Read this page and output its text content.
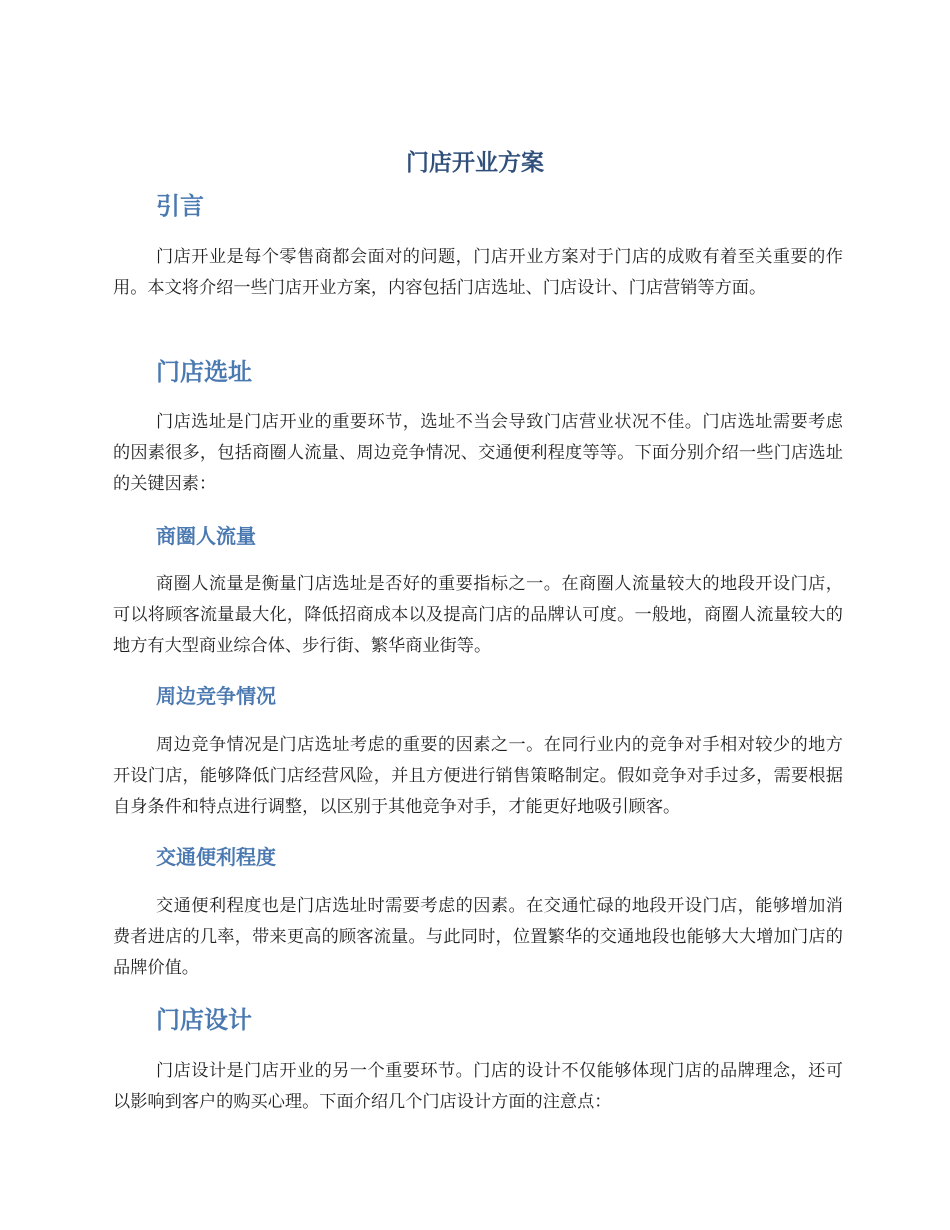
门店开业方案
引言

门店开业是每个零售商都会面对的问题，门店开业方案对于门店的成败有着至关重要的作用。本文将介绍一些门店开业方案，内容包括门店选址、门店设计、门店营销等方面。

门店选址

门店选址是门店开业的重要环节，选址不当会导致门店营业状况不佳。门店选址需要考虑的因素很多，包括商圈人流量、周边竞争情况、交通便利程度等等。下面分别介绍一些门店选址的关键因素：

商圈人流量

商圈人流量是衡量门店选址是否好的重要指标之一。在商圈人流量较大的地段开设门店，可以将顾客流量最大化，降低招商成本以及提高门店的品牌认可度。一般地，商圈人流量较大的地方有大型商业综合体、步行街、繁华商业街等。

周边竞争情况

周边竞争情况是门店选址考虑的重要的因素之一。在同行业内的竞争对手相对较少的地方开设门店，能够降低门店经营风险，并且方便进行销售策略制定。假如竞争对手过多，需要根据自身条件和特点进行调整，以区别于其他竞争对手，才能更好地吸引顾客。

交通便利程度

交通便利程度也是门店选址时需要考虑的因素。在交通忙碌的地段开设门店，能够增加消费者进店的几率，带来更高的顾客流量。与此同时，位置繁华的交通地段也能够大大增加门店的品牌价值。

门店设计

门店设计是门店开业的另一个重要环节。门店的设计不仅能够体现门店的品牌理念，还可以影响到客户的购买心理。下面介绍几个门店设计方面的注意点：
